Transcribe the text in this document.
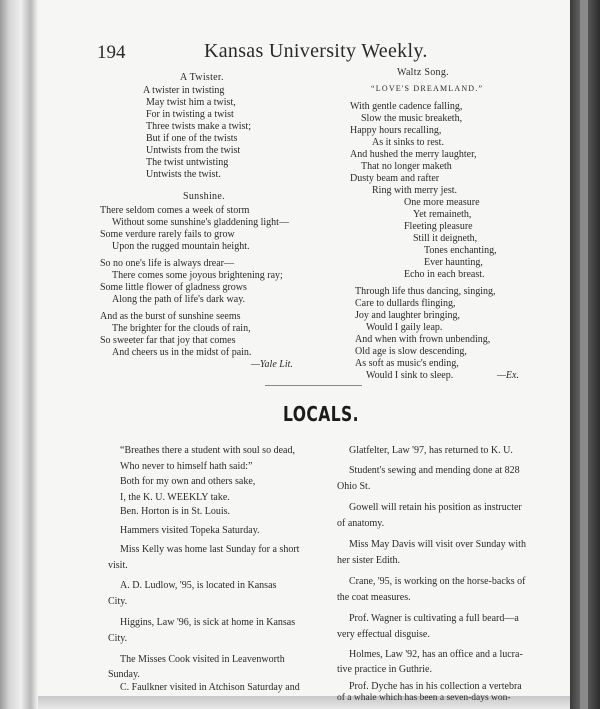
194	Kansas University Weekly.
A Twister.
A twister in twisting
May twist him a twist,
For in twisting a twist
Three twists make a twist;
But if one of the twists
Untwists from the twist
The twist untwisting
Untwists the twist.
Sunshine.
There seldom comes a week of storm
Without some sunshine's gladdening light—
Some verdure rarely fails to grow
Upon the rugged mountain height.
So no one's life is always drear—
There comes some joyous brightening ray;
Some little flower of gladness grows
Along the path of life's dark way.
And as the burst of sunshine seems
The brighter for the clouds of rain,
So sweeter far that joy that comes
And cheers us in the midst of pain.
—Yale Lit.
Waltz Song.
“LOVE'S DREAMLAND.”
With gentle cadence falling,
Slow the music breaketh,
Happy hours recalling,
As it sinks to rest.
And hushed the merry laughter,
That no longer maketh
Dusty beam and rafter
Ring with merry jest.
One more measure
Yet remaineth,
Fleeting pleasure
Still it deigneth,
Tones enchanting,
Ever haunting,
Echo in each breast.
Through life thus dancing, singing,
Care to dullards flinging,
Joy and laughter bringing,
Would I gaily leap.
And when with frown unbending,
Old age is slow descending,
As soft as music's ending,
Would I sink to sleep.	—Ex.
LOCALS.
“Breathes there a student with soul so dead,
Who never to himself hath said:”
Both for my own and others sake,
I, the K. U. WEEKLY take.
Ben. Horton is in St. Louis.
Hammers visited Topeka Saturday.
Miss Kelly was home last Sunday for a short
visit.
A. D. Ludlow, '95, is located in Kansas
City.
Higgins, Law '96, is sick at home in Kansas
City.
The Misses Cook visited in Leavenworth
Sunday.
C. Faulkner visited in Atchison Saturday and
Glatfelter, Law '97, has returned to K. U.
Student's sewing and mending done at 828
Ohio St.
Gowell will retain his position as instructer
of anatomy.
Miss May Davis will visit over Sunday with
her sister Edith.
Crane, '95, is working on the horse-backs of
the coat measures.
Prof. Wagner is cultivating a full beard—a
very effectual disguise.
Holmes, Law '92, has an office and a lucra-
tive practice in Guthrie.
Prof. Dyche has in his collection a vertebra
of a whale which has been a seven-days won-
